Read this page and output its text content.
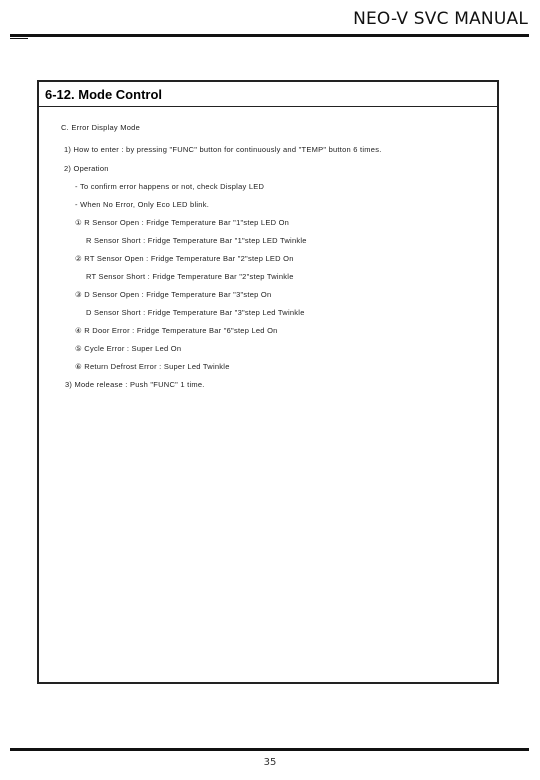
NEO-V SVC MANUAL
6-12. Mode Control
C. Error Display Mode
1) How to enter : by pressing "FUNC" button for continuously and "TEMP" button 6 times.
2) Operation
- To confirm error happens or not, check Display LED
- When No Error, Only Eco LED blink.
① R Sensor Open : Fridge Temperature Bar "1"step LED On
R Sensor Short : Fridge Temperature Bar "1"step LED Twinkle
② RT Sensor Open : Fridge Temperature Bar "2"step LED On
RT Sensor Short : Fridge Temperature Bar "2"step Twinkle
③ D Sensor Open : Fridge Temperature Bar "3"step On
D Sensor Short : Fridge Temperature Bar "3"step Led Twinkle
④ R Door Error : Fridge Temperature Bar "6"step Led On
⑤ Cycle Error : Super Led On
⑥ Return Defrost Error : Super Led Twinkle
3) Mode release : Push "FUNC" 1 time.
35
